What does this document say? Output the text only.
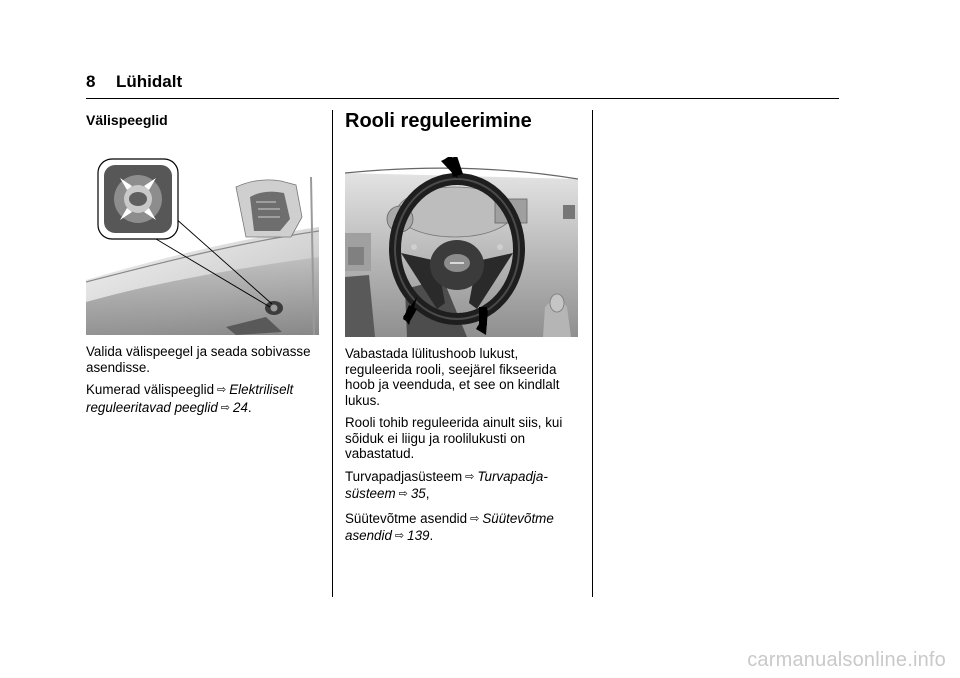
8 Lühidalt
Välispeeglid	Rooli reguleerimine

Valida välispeegel ja seada sobivasse asendisse.

Kumerad välispeeglid ⇨ Elektriliselt reguleeritavad peeglid ⇨ 24.

Vabastada lülitushoob lukust, reguleerida rooli, seejärel fikseerida hoob ja veenduda, et see on kindlalt lukus.

Rooli tohib reguleerida ainult siis, kui sõiduk ei liigu ja roolilukusti on vabastatud.

Turvapadjasüsteem ⇨ Turvapadja-süsteem ⇨ 35,

Süütevõtme asendid ⇨ Süütevõtme asendid ⇨ 139.

carmanualsonline.info
